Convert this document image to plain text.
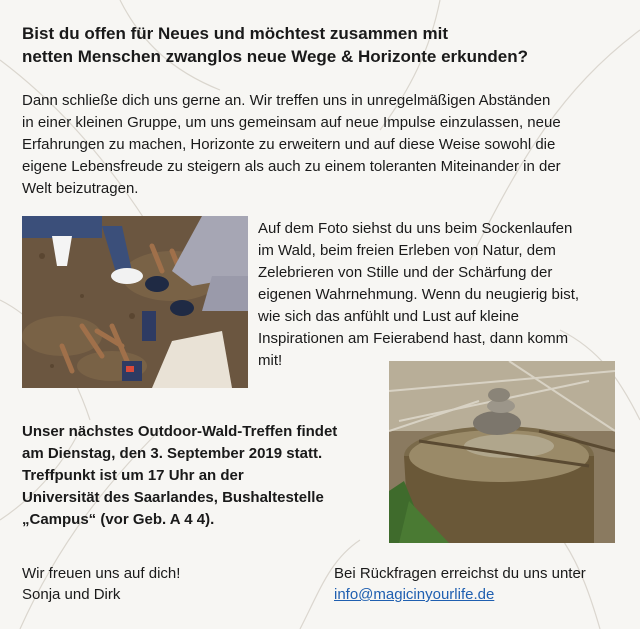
Bist du offen für Neues und möchtest zusammen mit
netten Menschen zwanglos neue Wege & Horizonte erkunden?
Dann schließe dich uns gerne an. Wir treffen uns in unregelmäßigen Abständen
in einer kleinen Gruppe, um uns gemeinsam auf neue Impulse einzulassen, neue
Erfahrungen zu machen, Horizonte zu erweitern und auf diese Weise sowohl die
eigene Lebensfreude zu steigern als auch zu einem toleranten Miteinander in der
Welt beizutragen.
Auf dem Foto siehst du uns beim Sockenlaufen
im Wald, beim freien Erleben von Natur, dem
Zelebrieren von Stille und der Schärfung der
eigenen Wahrnehmung. Wenn du neugierig bist,
wie sich das anfühlt und Lust auf kleine
Inspirationen am Feierabend hast, dann komm
mit!
Unser nächstes Outdoor-Wald-Treffen findet
am Dienstag, den 3. September 2019 statt.
Treffpunkt ist um 17 Uhr an der
Universität des Saarlandes, Bushaltestelle
„Campus“ (vor Geb. A 4 4).
Wir freuen uns auf dich!
Sonja und Dirk
Bei Rückfragen erreichst du uns unter
info@magicinyourlife.de
